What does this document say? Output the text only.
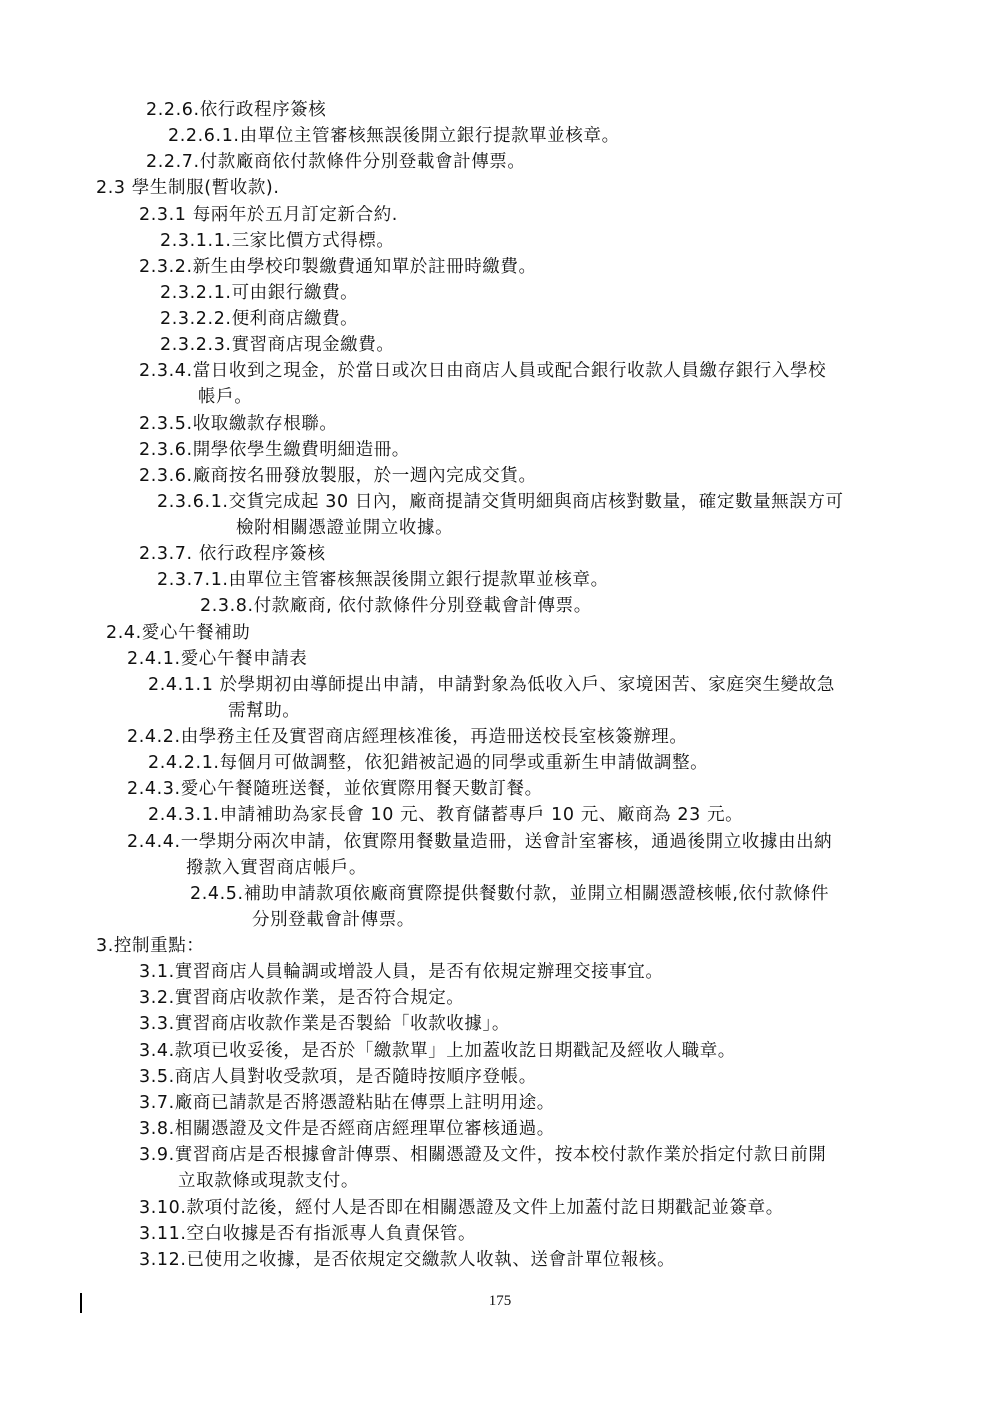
2.2.6.依行政程序簽核
2.2.6.1.由單位主管審核無誤後開立銀行提款單並核章。
2.2.7.付款廠商依付款條件分別登載會計傳票。
2.3 學生制服(暫收款).
2.3.1 每兩年於五月訂定新合約.
2.3.1.1.三家比價方式得標。
2.3.2.新生由學校印製繳費通知單於註冊時繳費。
2.3.2.1.可由銀行繳費。
2.3.2.2.便利商店繳費。
2.3.2.3.實習商店現金繳費。
2.3.4.當日收到之現金，於當日或次日由商店人員或配合銀行收款人員繳存銀行入學校
帳戶。
2.3.5.收取繳款存根聯。
2.3.6.開學依學生繳費明細造冊。
2.3.6.廠商按名冊發放製服，於一週內完成交貨。
2.3.6.1.交貨完成起 30 日內，廠商提請交貨明細與商店核對數量，確定數量無誤方可
檢附相關憑證並開立收據。
2.3.7. 依行政程序簽核
2.3.7.1.由單位主管審核無誤後開立銀行提款單並核章。
2.3.8.付款廠商, 依付款條件分別登載會計傳票。
2.4.愛心午餐補助
2.4.1.愛心午餐申請表
2.4.1.1 於學期初由導師提出申請，申請對象為低收入戶、家境困苦、家庭突生變故急
需幫助。
2.4.2.由學務主任及實習商店經理核准後，再造冊送校長室核簽辦理。
2.4.2.1.每個月可做調整，依犯錯被記過的同學或重新生申請做調整。
2.4.3.愛心午餐隨班送餐，並依實際用餐天數訂餐。
2.4.3.1.申請補助為家長會 10 元、教育儲蓄專戶 10 元、廠商為 23 元。
2.4.4.一學期分兩次申請，依實際用餐數量造冊，送會計室審核，通過後開立收據由出納
撥款入實習商店帳戶。
2.4.5.補助申請款項依廠商實際提供餐數付款，並開立相關憑證核帳,依付款條件
分別登載會計傳票。
3.控制重點：
3.1.實習商店人員輪調或增設人員，是否有依規定辦理交接事宜。
3.2.實習商店收款作業，是否符合規定。
3.3.實習商店收款作業是否製給「收款收據」。
3.4.款項已收妥後，是否於「繳款單」上加蓋收訖日期戳記及經收人職章。
3.5.商店人員對收受款項，是否隨時按順序登帳。
3.7.廠商已請款是否將憑證粘貼在傳票上註明用途。
3.8.相關憑證及文件是否經商店經理單位審核通過。
3.9.實習商店是否根據會計傳票、相關憑證及文件，按本校付款作業於指定付款日前開
立取款條或現款支付。
3.10.款項付訖後，經付人是否即在相關憑證及文件上加蓋付訖日期戳記並簽章。
3.11.空白收據是否有指派專人負責保管。
3.12.已使用之收據，是否依規定交繳款人收執、送會計單位報核。
175
